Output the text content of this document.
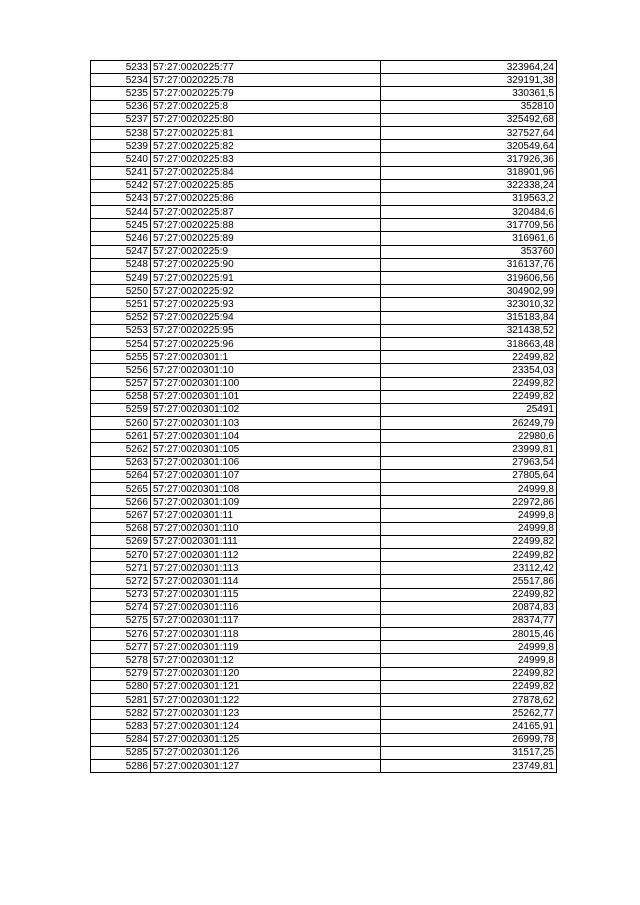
5233	57:27:0020225:77	323964,24
5234	57:27:0020225:78	329191,38
5235	57:27:0020225:79	330361,5
5236	57:27:0020225:8	352810
5237	57:27:0020225:80	325492,68
5238	57:27:0020225:81	327527,64
5239	57:27:0020225:82	320549,64
5240	57:27:0020225:83	317926,36
5241	57:27:0020225:84	318901,96
5242	57:27:0020225:85	322338,24
5243	57:27:0020225:86	319563,2
5244	57:27:0020225:87	320484,6
5245	57:27:0020225:88	317709,56
5246	57:27:0020225:89	316961,6
5247	57:27:0020225:9	353760
5248	57:27:0020225:90	316137,76
5249	57:27:0020225:91	319606,56
5250	57:27:0020225:92	304902,99
5251	57:27:0020225:93	323010,32
5252	57:27:0020225:94	315183,84
5253	57:27:0020225:95	321438,52
5254	57:27:0020225:96	318663,48
5255	57:27:0020301:1	22499,82
5256	57:27:0020301:10	23354,03
5257	57:27:0020301:100	22499,82
5258	57:27:0020301:101	22499,82
5259	57:27:0020301:102	25491
5260	57:27:0020301:103	26249,79
5261	57:27:0020301:104	22980,6
5262	57:27:0020301:105	23999,81
5263	57:27:0020301:106	27963,54
5264	57:27:0020301:107	27805,64
5265	57:27:0020301:108	24999,8
5266	57:27:0020301:109	22972,86
5267	57:27:0020301:11	24999,8
5268	57:27:0020301:110	24999,8
5269	57:27:0020301:111	22499,82
5270	57:27:0020301:112	22499,82
5271	57:27:0020301:113	23112,42
5272	57:27:0020301:114	25517,86
5273	57:27:0020301:115	22499,82
5274	57:27:0020301:116	20874,83
5275	57:27:0020301:117	28374,77
5276	57:27:0020301:118	28015,46
5277	57:27:0020301:119	24999,8
5278	57:27:0020301:12	24999,8
5279	57:27:0020301:120	22499,82
5280	57:27:0020301:121	22499,82
5281	57:27:0020301:122	27878,62
5282	57:27:0020301:123	25262,77
5283	57:27:0020301:124	24165,91
5284	57:27:0020301:125	26999,78
5285	57:27:0020301:126	31517,25
5286	57:27:0020301:127	23749,81
